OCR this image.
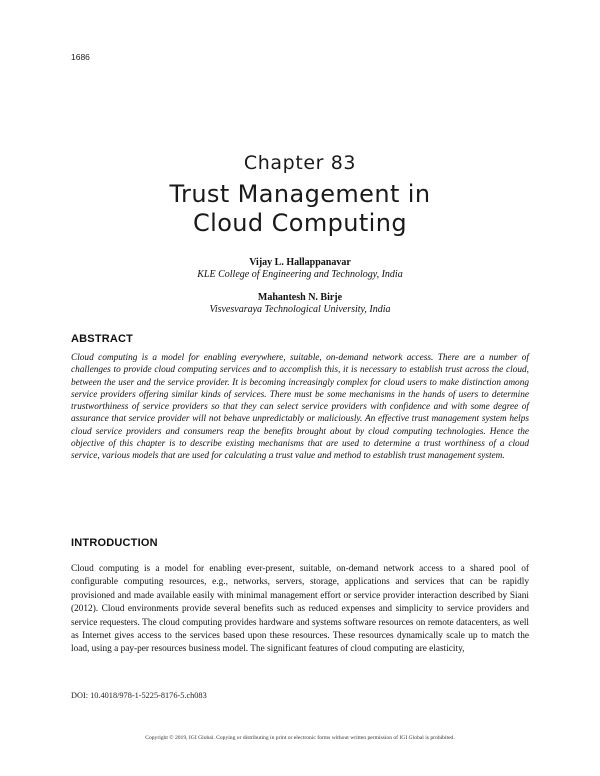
1686
Chapter 83
Trust Management in
Cloud Computing
Vijay L. Hallappanavar
KLE College of Engineering and Technology, India
Mahantesh N. Birje
Visvesvaraya Technological University, India
ABSTRACT
Cloud computing is a model for enabling everywhere, suitable, on-demand network access. There are a number of challenges to provide cloud computing services and to accomplish this, it is necessary to establish trust across the cloud, between the user and the service provider. It is becoming increasingly complex for cloud users to make distinction among service providers offering similar kinds of services. There must be some mechanisms in the hands of users to determine trustworthiness of service providers so that they can select service providers with confidence and with some degree of assurance that service provider will not behave unpredictably or maliciously. An effective trust management system helps cloud service providers and consumers reap the benefits brought about by cloud computing technologies. Hence the objective of this chapter is to describe existing mechanisms that are used to determine a trust worthiness of a cloud service, various models that are used for calculating a trust value and method to establish trust management system.
INTRODUCTION
Cloud computing is a model for enabling ever-present, suitable, on-demand network access to a shared pool of configurable computing resources, e.g., networks, servers, storage, applications and services that can be rapidly provisioned and made available easily with minimal management effort or service provider interaction described by Siani (2012). Cloud environments provide several benefits such as reduced expenses and simplicity to service providers and service requesters. The cloud computing provides hardware and systems software resources on remote datacenters, as well as Internet gives access to the services based upon these resources. These resources dynamically scale up to match the load, using a pay-per resources business model. The significant features of cloud computing are elasticity,
DOI: 10.4018/978-1-5225-8176-5.ch083
Copyright © 2019, IGI Global. Copying or distributing in print or electronic forms without written permission of IGI Global is prohibited.
